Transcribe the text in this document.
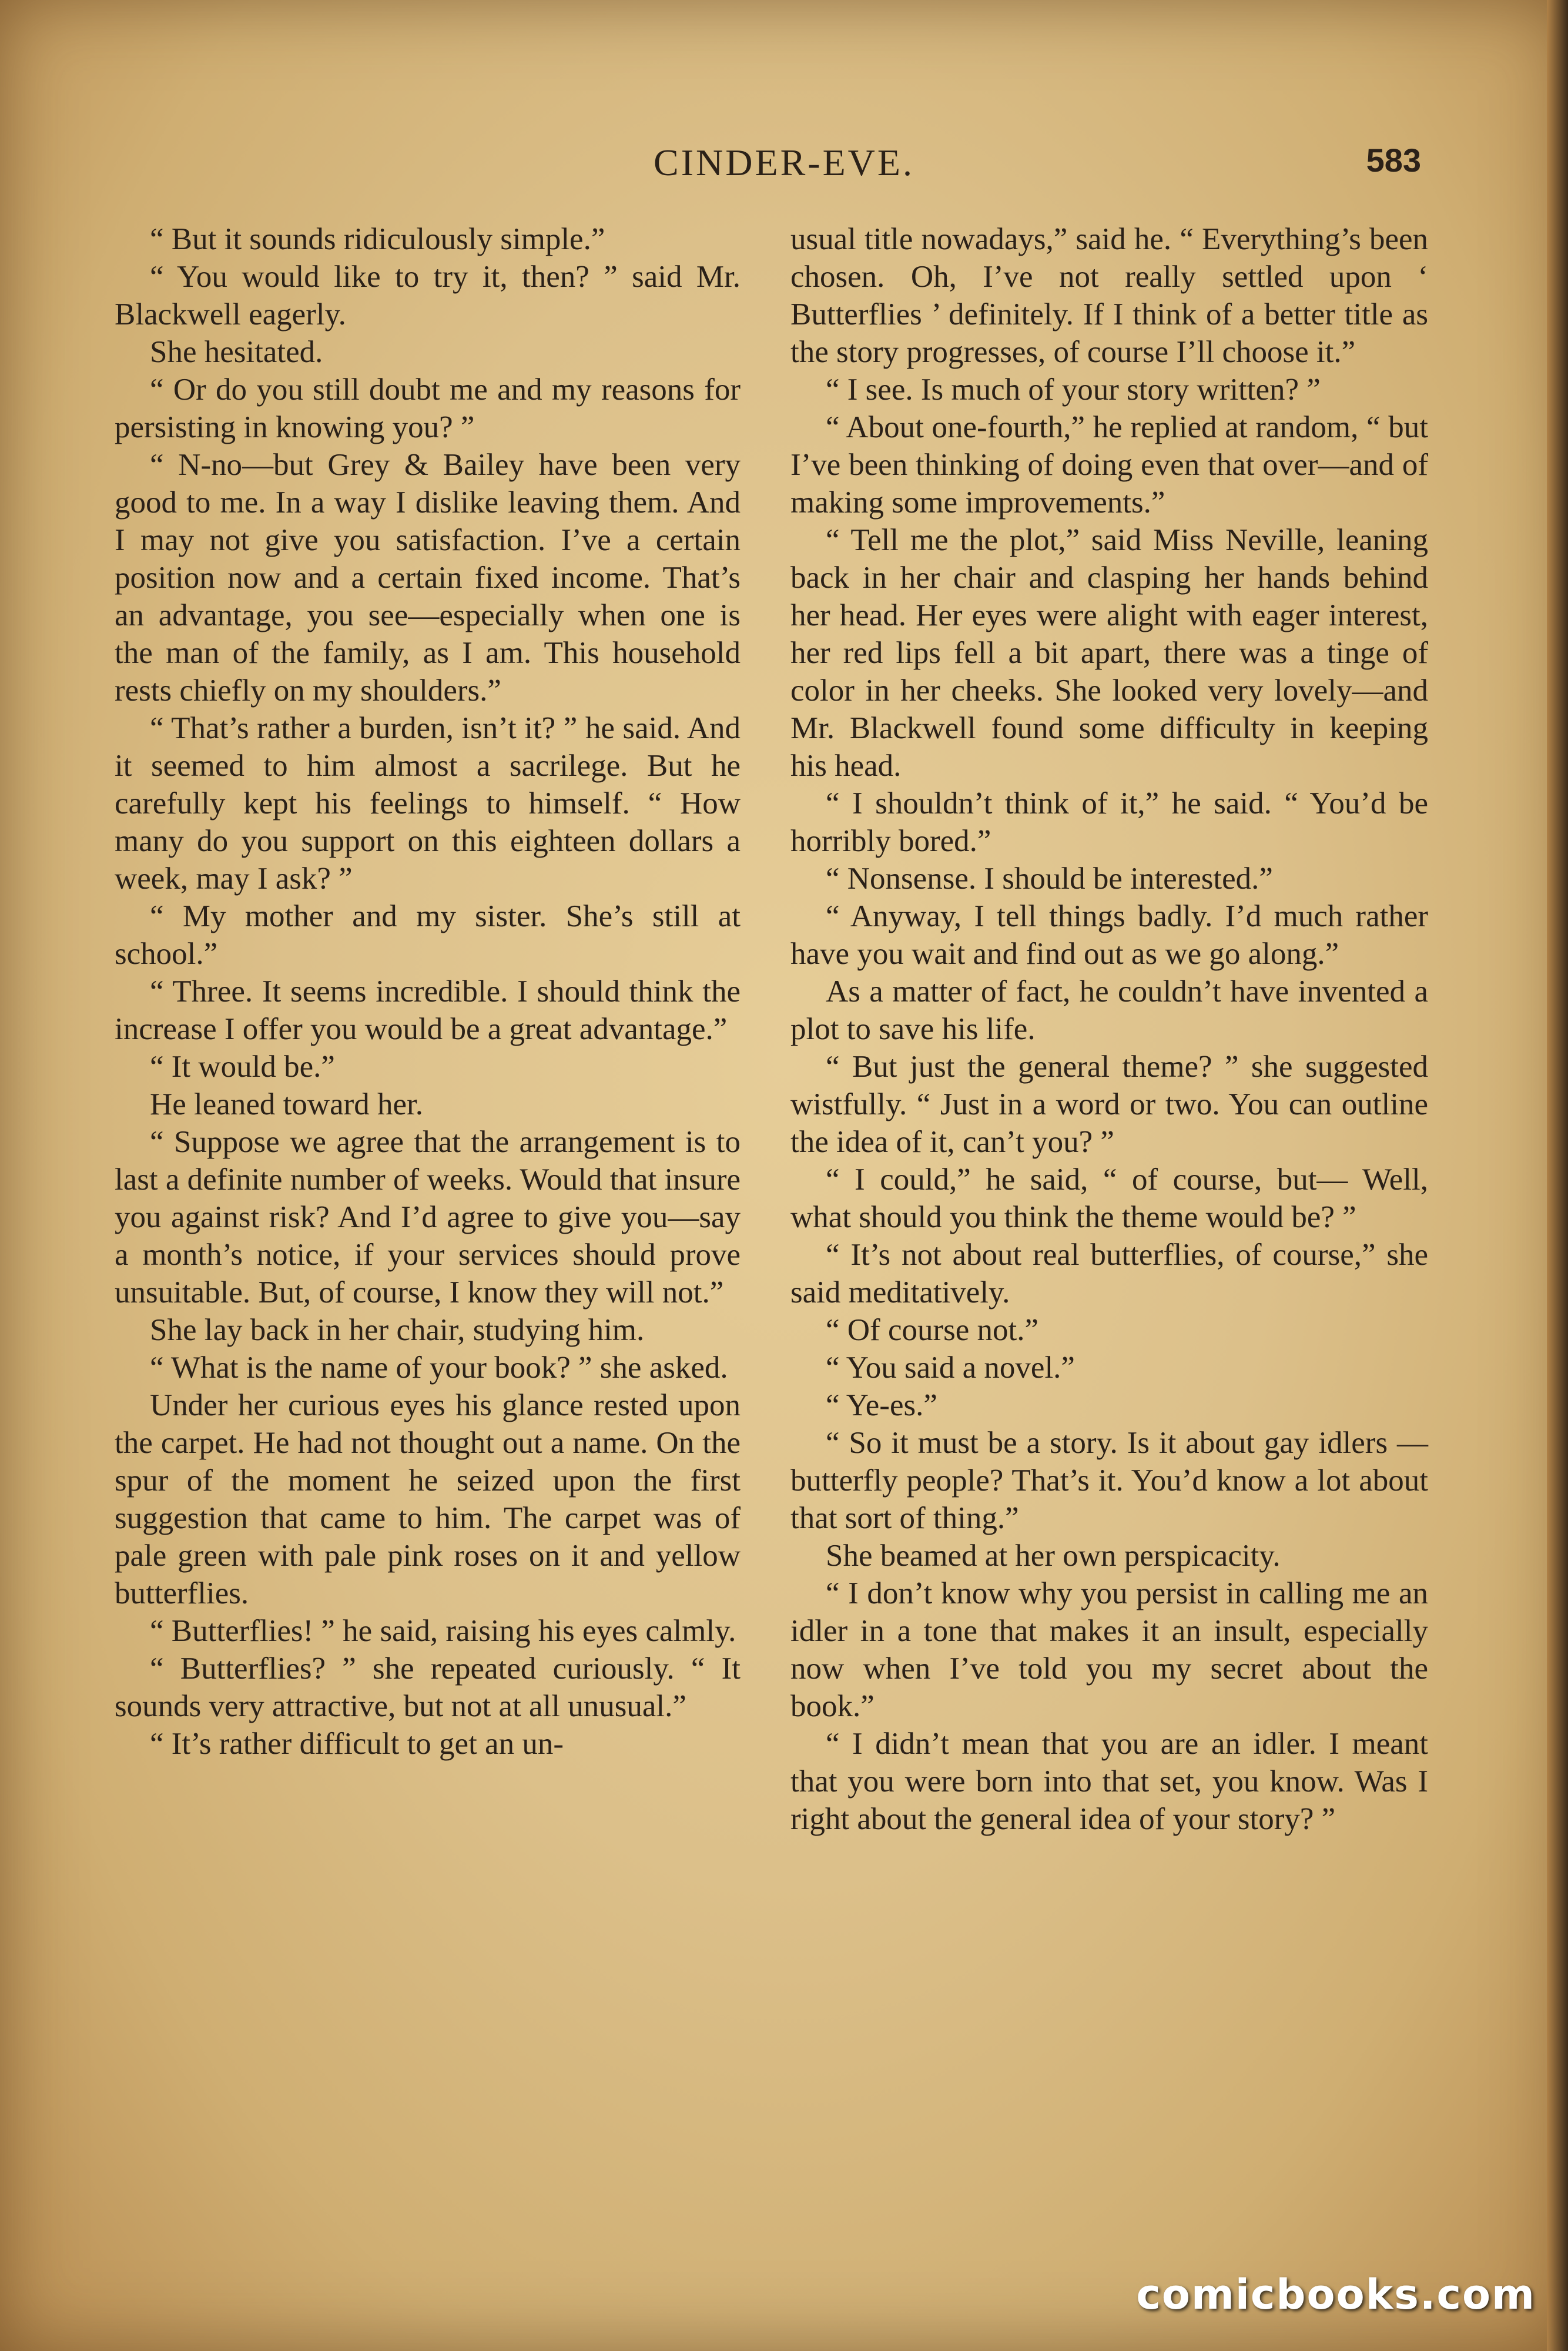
CINDER-EVE.	583

“ But it sounds ridiculously simple.”

“ You would like to try it, then? ” said Mr. Blackwell eagerly.

She hesitated.

“ Or do you still doubt me and my reasons for persisting in knowing you? ”

“ N-no—but Grey & Bailey have been very good to me. In a way I dislike leaving them. And I may not give you satisfaction. I’ve a certain position now and a certain fixed income. That’s an advantage, you see—especially when one is the man of the family, as I am. This household rests chiefly on my shoulders.”

“ That’s rather a burden, isn’t it? ” he said. And it seemed to him almost a sacrilege. But he carefully kept his feelings to himself. “ How many do you support on this eighteen dollars a week, may I ask? ”

“ My mother and my sister. She’s still at school.”

“ Three. It seems incredible. I should think the increase I offer you would be a great advantage.”

“ It would be.”

He leaned toward her.

“ Suppose we agree that the arrangement is to last a definite number of weeks. Would that insure you against risk? And I’d agree to give you—say a month’s notice, if your services should prove unsuitable. But, of course, I know they will not.”

She lay back in her chair, studying him.

“ What is the name of your book? ” she asked.

Under her curious eyes his glance rested upon the carpet. He had not thought out a name. On the spur of the moment he seized upon the first suggestion that came to him. The carpet was of pale green with pale pink roses on it and yellow butterflies.

“ Butterflies! ” he said, raising his eyes calmly.

“ Butterflies? ” she repeated curiously. “ It sounds very attractive, but not at all unusual.”

“ It’s rather difficult to get an un-

usual title nowadays,” said he. “ Everything’s been chosen. Oh, I’ve not really settled upon ‘ Butterflies ’ definitely. If I think of a better title as the story progresses, of course I’ll choose it.”

“ I see. Is much of your story written? ”

“ About one-fourth,” he replied at random, “ but I’ve been thinking of doing even that over—and of making some improvements.”

“ Tell me the plot,” said Miss Neville, leaning back in her chair and clasping her hands behind her head. Her eyes were alight with eager interest, her red lips fell a bit apart, there was a tinge of color in her cheeks. She looked very lovely—and Mr. Blackwell found some difficulty in keeping his head.

“ I shouldn’t think of it,” he said. “ You’d be horribly bored.”

“ Nonsense. I should be interested.”

“ Anyway, I tell things badly. I’d much rather have you wait and find out as we go along.”

As a matter of fact, he couldn’t have invented a plot to save his life.

“ But just the general theme? ” she suggested wistfully. “ Just in a word or two. You can outline the idea of it, can’t you? ”

“ I could,” he said, “ of course, but— Well, what should you think the theme would be? ”

“ It’s not about real butterflies, of course,” she said meditatively.

“ Of course not.”

“ You said a novel.”

“ Ye-es.”

“ So it must be a story. Is it about gay idlers — butterfly people? That’s it. You’d know a lot about that sort of thing.”

She beamed at her own perspicacity.

“ I don’t know why you persist in calling me an idler in a tone that makes it an insult, especially now when I’ve told you my secret about the book.”

“ I didn’t mean that you are an idler. I meant that you were born into that set, you know. Was I right about the general idea of your story? ”

comicbooks.com
